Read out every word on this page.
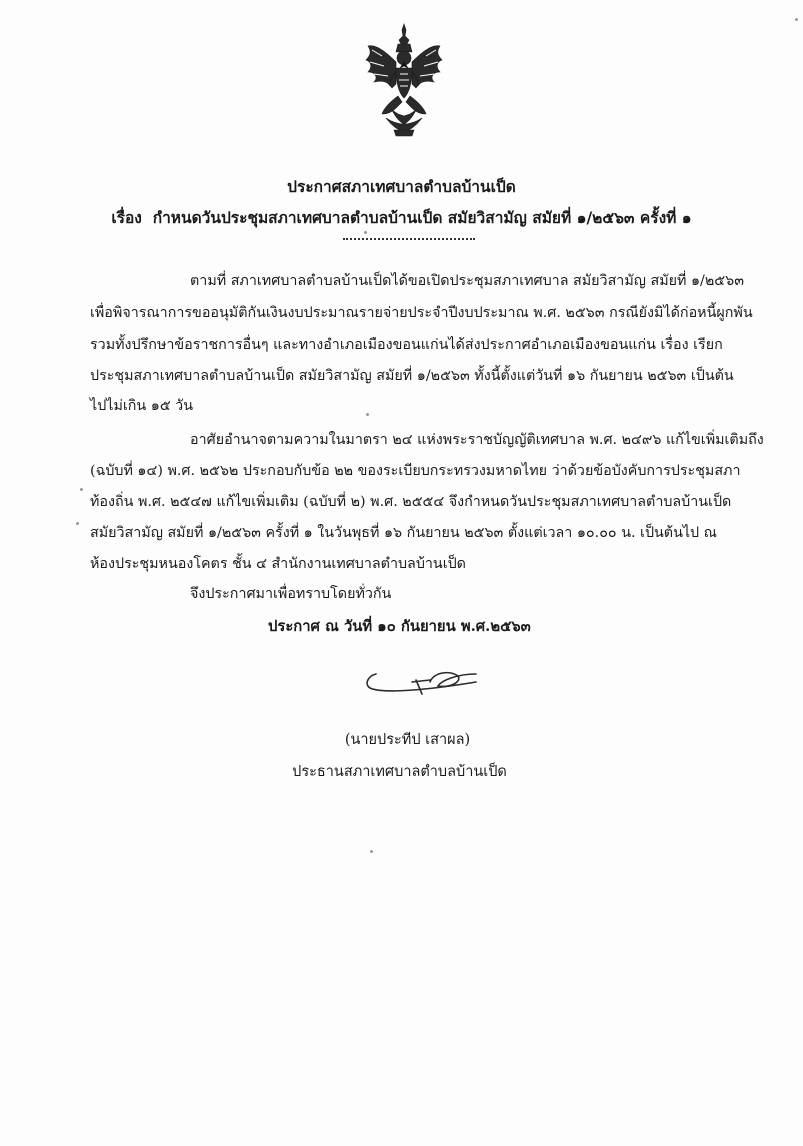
ประกาศสภาเทศบาลตำบลบ้านเป็ด
เรื่อง กำหนดวันประชุมสภาเทศบาลตำบลบ้านเป็ด สมัยวิสามัญ สมัยที่ ๑/๒๕๖๓ ครั้งที่ ๑
ตามที่ สภาเทศบาลตำบลบ้านเป็ดได้ขอเปิดประชุมสภาเทศบาล สมัยวิสามัญ สมัยที่ ๑/๒๕๖๓
เพื่อพิจารณาการขออนุมัติกันเงินงบประมาณรายจ่ายประจำปีงบประมาณ พ.ศ. ๒๕๖๓ กรณียังมิได้ก่อหนี้ผูกพัน
รวมทั้งปรึกษาข้อราชการอื่นๆ และทางอำเภอเมืองขอนแก่นได้ส่งประกาศอำเภอเมืองขอนแก่น เรื่อง เรียก
ประชุมสภาเทศบาลตำบลบ้านเป็ด สมัยวิสามัญ สมัยที่ ๑/๒๕๖๓ ทั้งนี้ตั้งแต่วันที่ ๑๖ กันยายน ๒๕๖๓ เป็นต้น
ไปไม่เกิน ๑๕ วัน
อาศัยอำนาจตามความในมาตรา ๒๔ แห่งพระราชบัญญัติเทศบาล พ.ศ. ๒๔๙๖ แก้ไขเพิ่มเติมถึง
(ฉบับที่ ๑๔) พ.ศ. ๒๕๖๒ ประกอบกับข้อ ๒๒ ของระเบียบกระทรวงมหาดไทย ว่าด้วยข้อบังคับการประชุมสภา
ท้องถิ่น พ.ศ. ๒๕๔๗ แก้ไขเพิ่มเติม (ฉบับที่ ๒) พ.ศ. ๒๕๕๔ จึงกำหนดวันประชุมสภาเทศบาลตำบลบ้านเป็ด
สมัยวิสามัญ สมัยที่ ๑/๒๕๖๓ ครั้งที่ ๑ ในวันพุธที่ ๑๖ กันยายน ๒๕๖๓ ตั้งแต่เวลา ๑๐.๐๐ น. เป็นต้นไป ณ
ห้องประชุมหนองโคตร ชั้น ๔ สำนักงานเทศบาลตำบลบ้านเป็ด
จึงประกาศมาเพื่อทราบโดยทั่วกัน
ประกาศ ณ วันที่ ๑๐ กันยายน พ.ศ.๒๕๖๓
(นายประทีป เสาผล)
ประธานสภาเทศบาลตำบลบ้านเป็ด
